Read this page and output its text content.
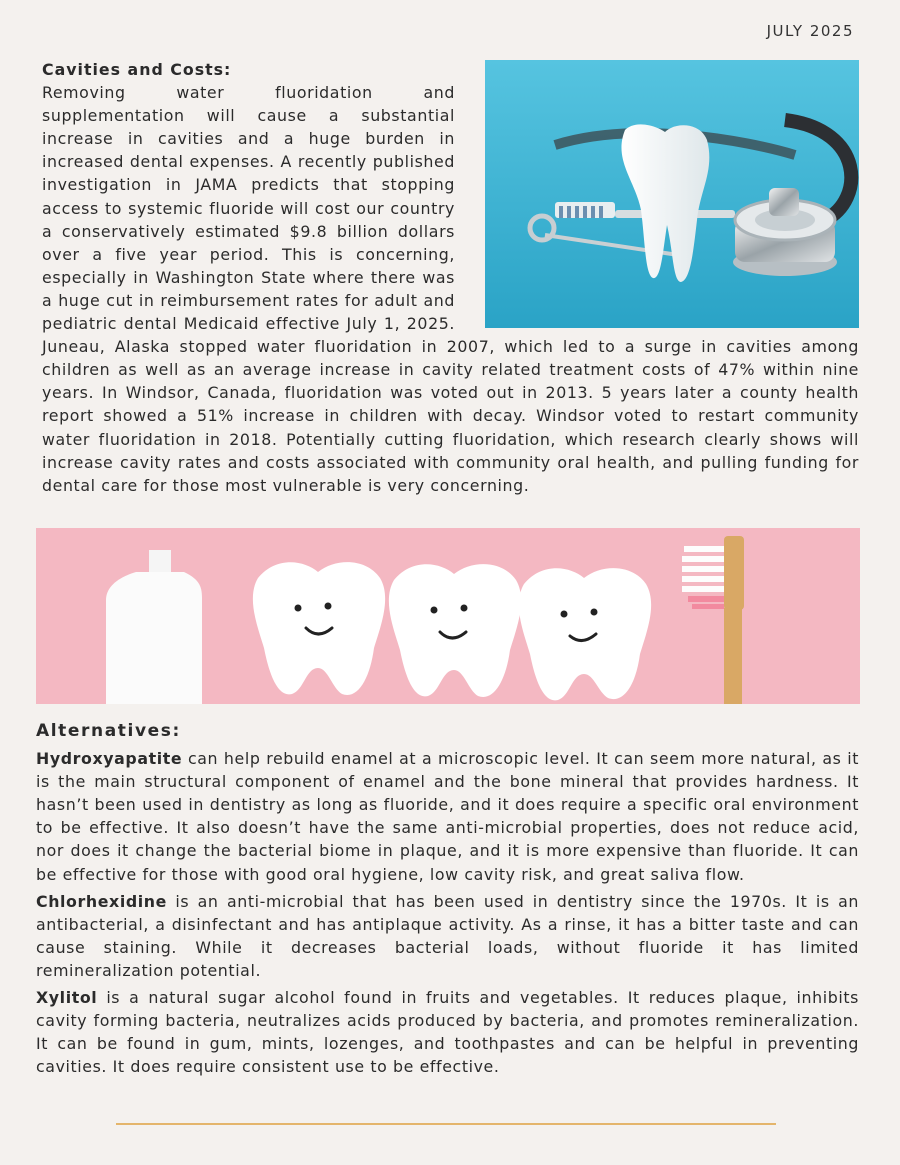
JULY 2025
Cavities and Costs:
Removing water fluoridation and supplementation will cause a substantial increase in cavities and a huge burden in increased dental expenses. A recently published investigation in JAMA predicts that stopping access to systemic fluoride will cost our country a conservatively estimated $9.8 billion dollars over a five year period. This is concerning, especially in Washington State where there was a huge cut in reimbursement rates for adult and pediatric dental Medicaid effective July 1, 2025. Juneau, Alaska stopped water fluoridation in 2007, which led to a surge in cavities among children as well as an average increase in cavity related treatment costs of 47% within nine years. In Windsor, Canada, fluoridation was voted out in 2013. 5 years later a county health report showed a 51% increase in children with decay. Windsor voted to restart community water fluoridation in 2018. Potentially cutting fluoridation, which research clearly shows will increase cavity rates and costs associated with community oral health, and pulling funding for dental care for those most vulnerable is very concerning.
Alternatives:

Hydroxyapatite can help rebuild enamel at a microscopic level. It can seem more natural, as it is the main structural component of enamel and the bone mineral that provides hardness. It hasn’t been used in dentistry as long as fluoride, and it does require a specific oral environment to be effective. It also doesn’t have the same anti-microbial properties, does not reduce acid, nor does it change the bacterial biome in plaque, and it is more expensive than fluoride. It can be effective for those with good oral hygiene, low cavity risk, and great saliva flow.

Chlorhexidine is an anti-microbial that has been used in dentistry since the 1970s. It is an antibacterial, a disinfectant and has antiplaque activity. As a rinse, it has a bitter taste and can cause staining. While it decreases bacterial loads, without fluoride it has limited remineralization potential.

Xylitol is a natural sugar alcohol found in fruits and vegetables. It reduces plaque, inhibits cavity forming bacteria, neutralizes acids produced by bacteria, and promotes remineralization. It can be found in gum, mints, lozenges, and toothpastes and can be helpful in preventing cavities. It does require consistent use to be effective.
